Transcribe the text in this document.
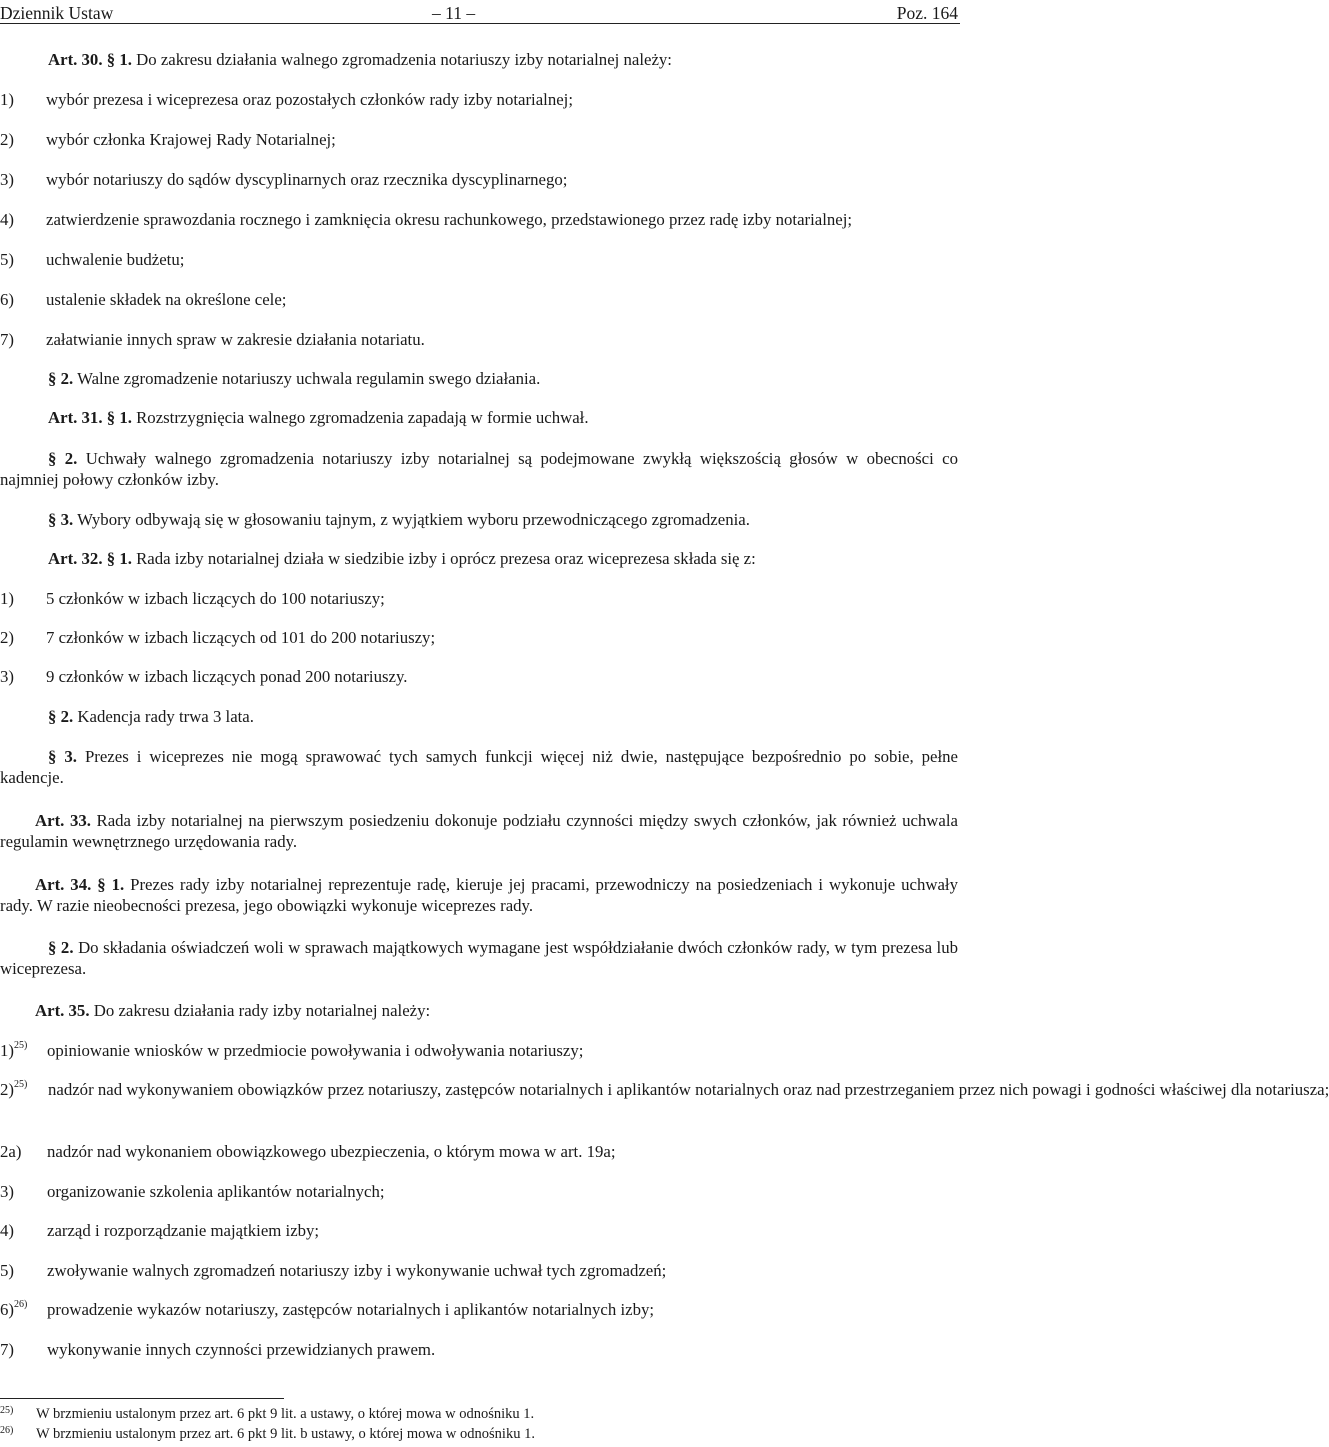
Dziennik Ustaw	– 11 –	Poz. 164
Art. 30. § 1. Do zakresu działania walnego zgromadzenia notariuszy izby notarialnej należy:
1) wybór prezesa i wiceprezesa oraz pozostałych członków rady izby notarialnej;
2) wybór członka Krajowej Rady Notarialnej;
3) wybór notariuszy do sądów dyscyplinarnych oraz rzecznika dyscyplinarnego;
4) zatwierdzenie sprawozdania rocznego i zamknięcia okresu rachunkowego, przedstawionego przez radę izby notarialnej;
5) uchwalenie budżetu;
6) ustalenie składek na określone cele;
7) załatwianie innych spraw w zakresie działania notariatu.
§ 2. Walne zgromadzenie notariuszy uchwala regulamin swego działania.
Art. 31. § 1. Rozstrzygnięcia walnego zgromadzenia zapadają w formie uchwał.
§ 2. Uchwały walnego zgromadzenia notariuszy izby notarialnej są podejmowane zwykłą większością głosów w obecności co najmniej połowy członków izby.
§ 3. Wybory odbywają się w głosowaniu tajnym, z wyjątkiem wyboru przewodniczącego zgromadzenia.
Art. 32. § 1. Rada izby notarialnej działa w siedzibie izby i oprócz prezesa oraz wiceprezesa składa się z:
1) 5 członków w izbach liczących do 100 notariuszy;
2) 7 członków w izbach liczących od 101 do 200 notariuszy;
3) 9 członków w izbach liczących ponad 200 notariuszy.
§ 2. Kadencja rady trwa 3 lata.
§ 3. Prezes i wiceprezes nie mogą sprawować tych samych funkcji więcej niż dwie, następujące bezpośrednio po sobie, pełne kadencje.
Art. 33. Rada izby notarialnej na pierwszym posiedzeniu dokonuje podziału czynności między swych członków, jak również uchwala regulamin wewnętrznego urzędowania rady.
Art. 34. § 1. Prezes rady izby notarialnej reprezentuje radę, kieruje jej pracami, przewodniczy na posiedzeniach i wykonuje uchwały rady. W razie nieobecności prezesa, jego obowiązki wykonuje wiceprezes rady.
§ 2. Do składania oświadczeń woli w sprawach majątkowych wymagane jest współdziałanie dwóch członków rady, w tym prezesa lub wiceprezesa.
Art. 35. Do zakresu działania rady izby notarialnej należy:
1)$^{25)}$ opiniowanie wniosków w przedmiocie powoływania i odwoływania notariuszy;
2)$^{25)}$ nadzór nad wykonywaniem obowiązków przez notariuszy, zastępców notarialnych i aplikantów notarialnych oraz nad przestrzeganiem przez nich powagi i godności właściwej dla notariusza;
2a) nadzór nad wykonaniem obowiązkowego ubezpieczenia, o którym mowa w art. 19a;
3) organizowanie szkolenia aplikantów notarialnych;
4) zarząd i rozporządzanie majątkiem izby;
5) zwoływanie walnych zgromadzeń notariuszy izby i wykonywanie uchwał tych zgromadzeń;
6)$^{26)}$ prowadzenie wykazów notariuszy, zastępców notarialnych i aplikantów notarialnych izby;
7) wykonywanie innych czynności przewidzianych prawem.
25) W brzmieniu ustalonym przez art. 6 pkt 9 lit. a ustawy, o której mowa w odnośniku 1.
26) W brzmieniu ustalonym przez art. 6 pkt 9 lit. b ustawy, o której mowa w odnośniku 1.
